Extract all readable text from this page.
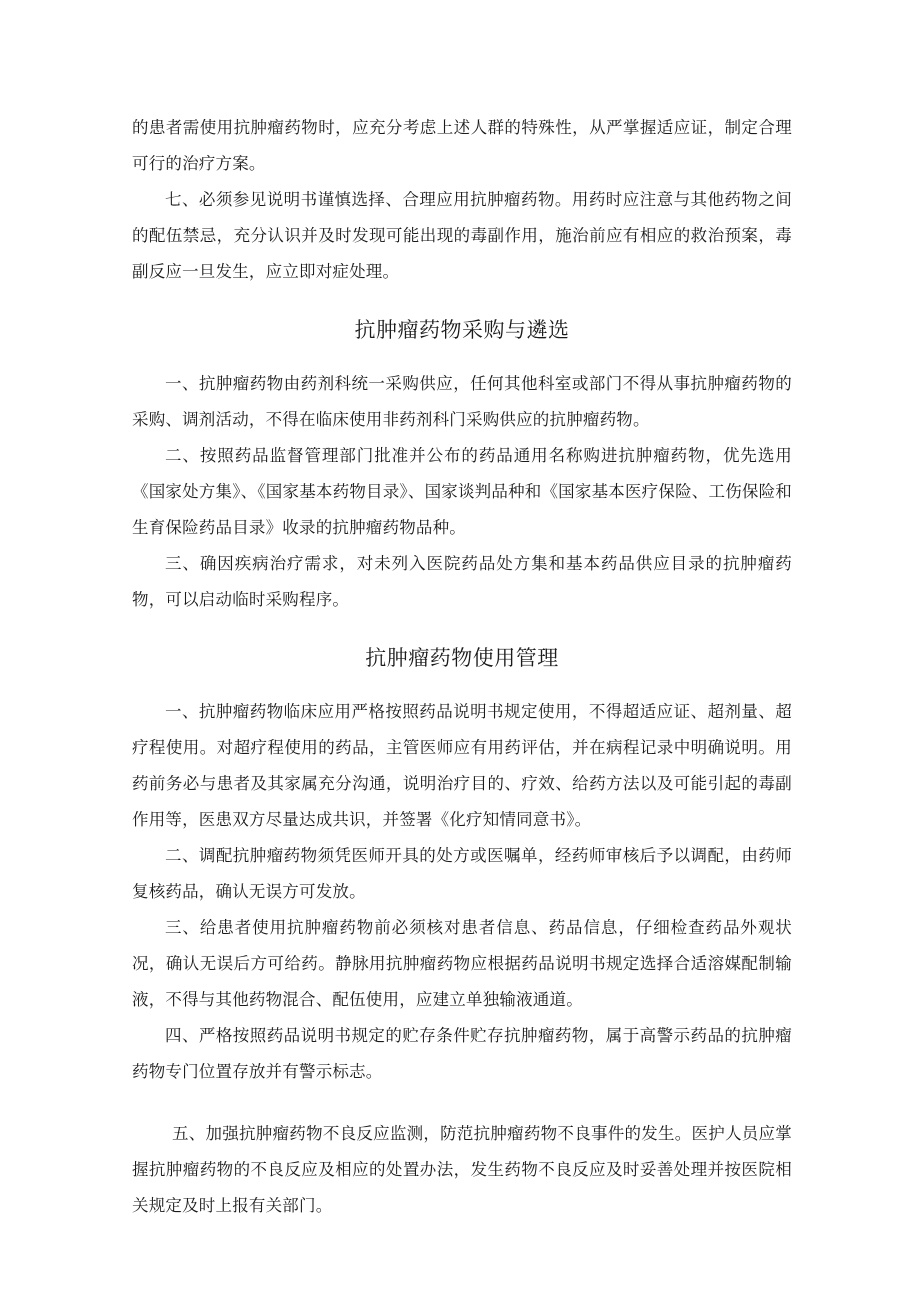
的患者需使用抗肿瘤药物时，应充分考虑上述人群的特殊性，从严掌握适应证，制定合理可行的治疗方案。

七、必须参见说明书谨慎选择、合理应用抗肿瘤药物。用药时应注意与其他药物之间的配伍禁忌，充分认识并及时发现可能出现的毒副作用，施治前应有相应的救治预案，毒副反应一旦发生，应立即对症处理。

抗肿瘤药物采购与遴选

一、抗肿瘤药物由药剂科统一采购供应，任何其他科室或部门不得从事抗肿瘤药物的采购、调剂活动，不得在临床使用非药剂科门采购供应的抗肿瘤药物。

二、按照药品监督管理部门批准并公布的药品通用名称购进抗肿瘤药物，优先选用《国家处方集》、《国家基本药物目录》、国家谈判品种和《国家基本医疗保险、工伤保险和生育保险药品目录》收录的抗肿瘤药物品种。

三、确因疾病治疗需求，对未列入医院药品处方集和基本药品供应目录的抗肿瘤药物，可以启动临时采购程序。

抗肿瘤药物使用管理

一、抗肿瘤药物临床应用严格按照药品说明书规定使用，不得超适应证、超剂量、超疗程使用。对超疗程使用的药品，主管医师应有用药评估，并在病程记录中明确说明。用药前务必与患者及其家属充分沟通，说明治疗目的、疗效、给药方法以及可能引起的毒副作用等，医患双方尽量达成共识，并签署《化疗知情同意书》。

二、调配抗肿瘤药物须凭医师开具的处方或医嘱单，经药师审核后予以调配，由药师复核药品，确认无误方可发放。

三、给患者使用抗肿瘤药物前必须核对患者信息、药品信息，仔细检查药品外观状况，确认无误后方可给药。静脉用抗肿瘤药物应根据药品说明书规定选择合适溶媒配制输液，不得与其他药物混合、配伍使用，应建立单独输液通道。

四、严格按照药品说明书规定的贮存条件贮存抗肿瘤药物，属于高警示药品的抗肿瘤药物专门位置存放并有警示标志。

五、加强抗肿瘤药物不良反应监测，防范抗肿瘤药物不良事件的发生。医护人员应掌握抗肿瘤药物的不良反应及相应的处置办法，发生药物不良反应及时妥善处理并按医院相关规定及时上报有关部门。
